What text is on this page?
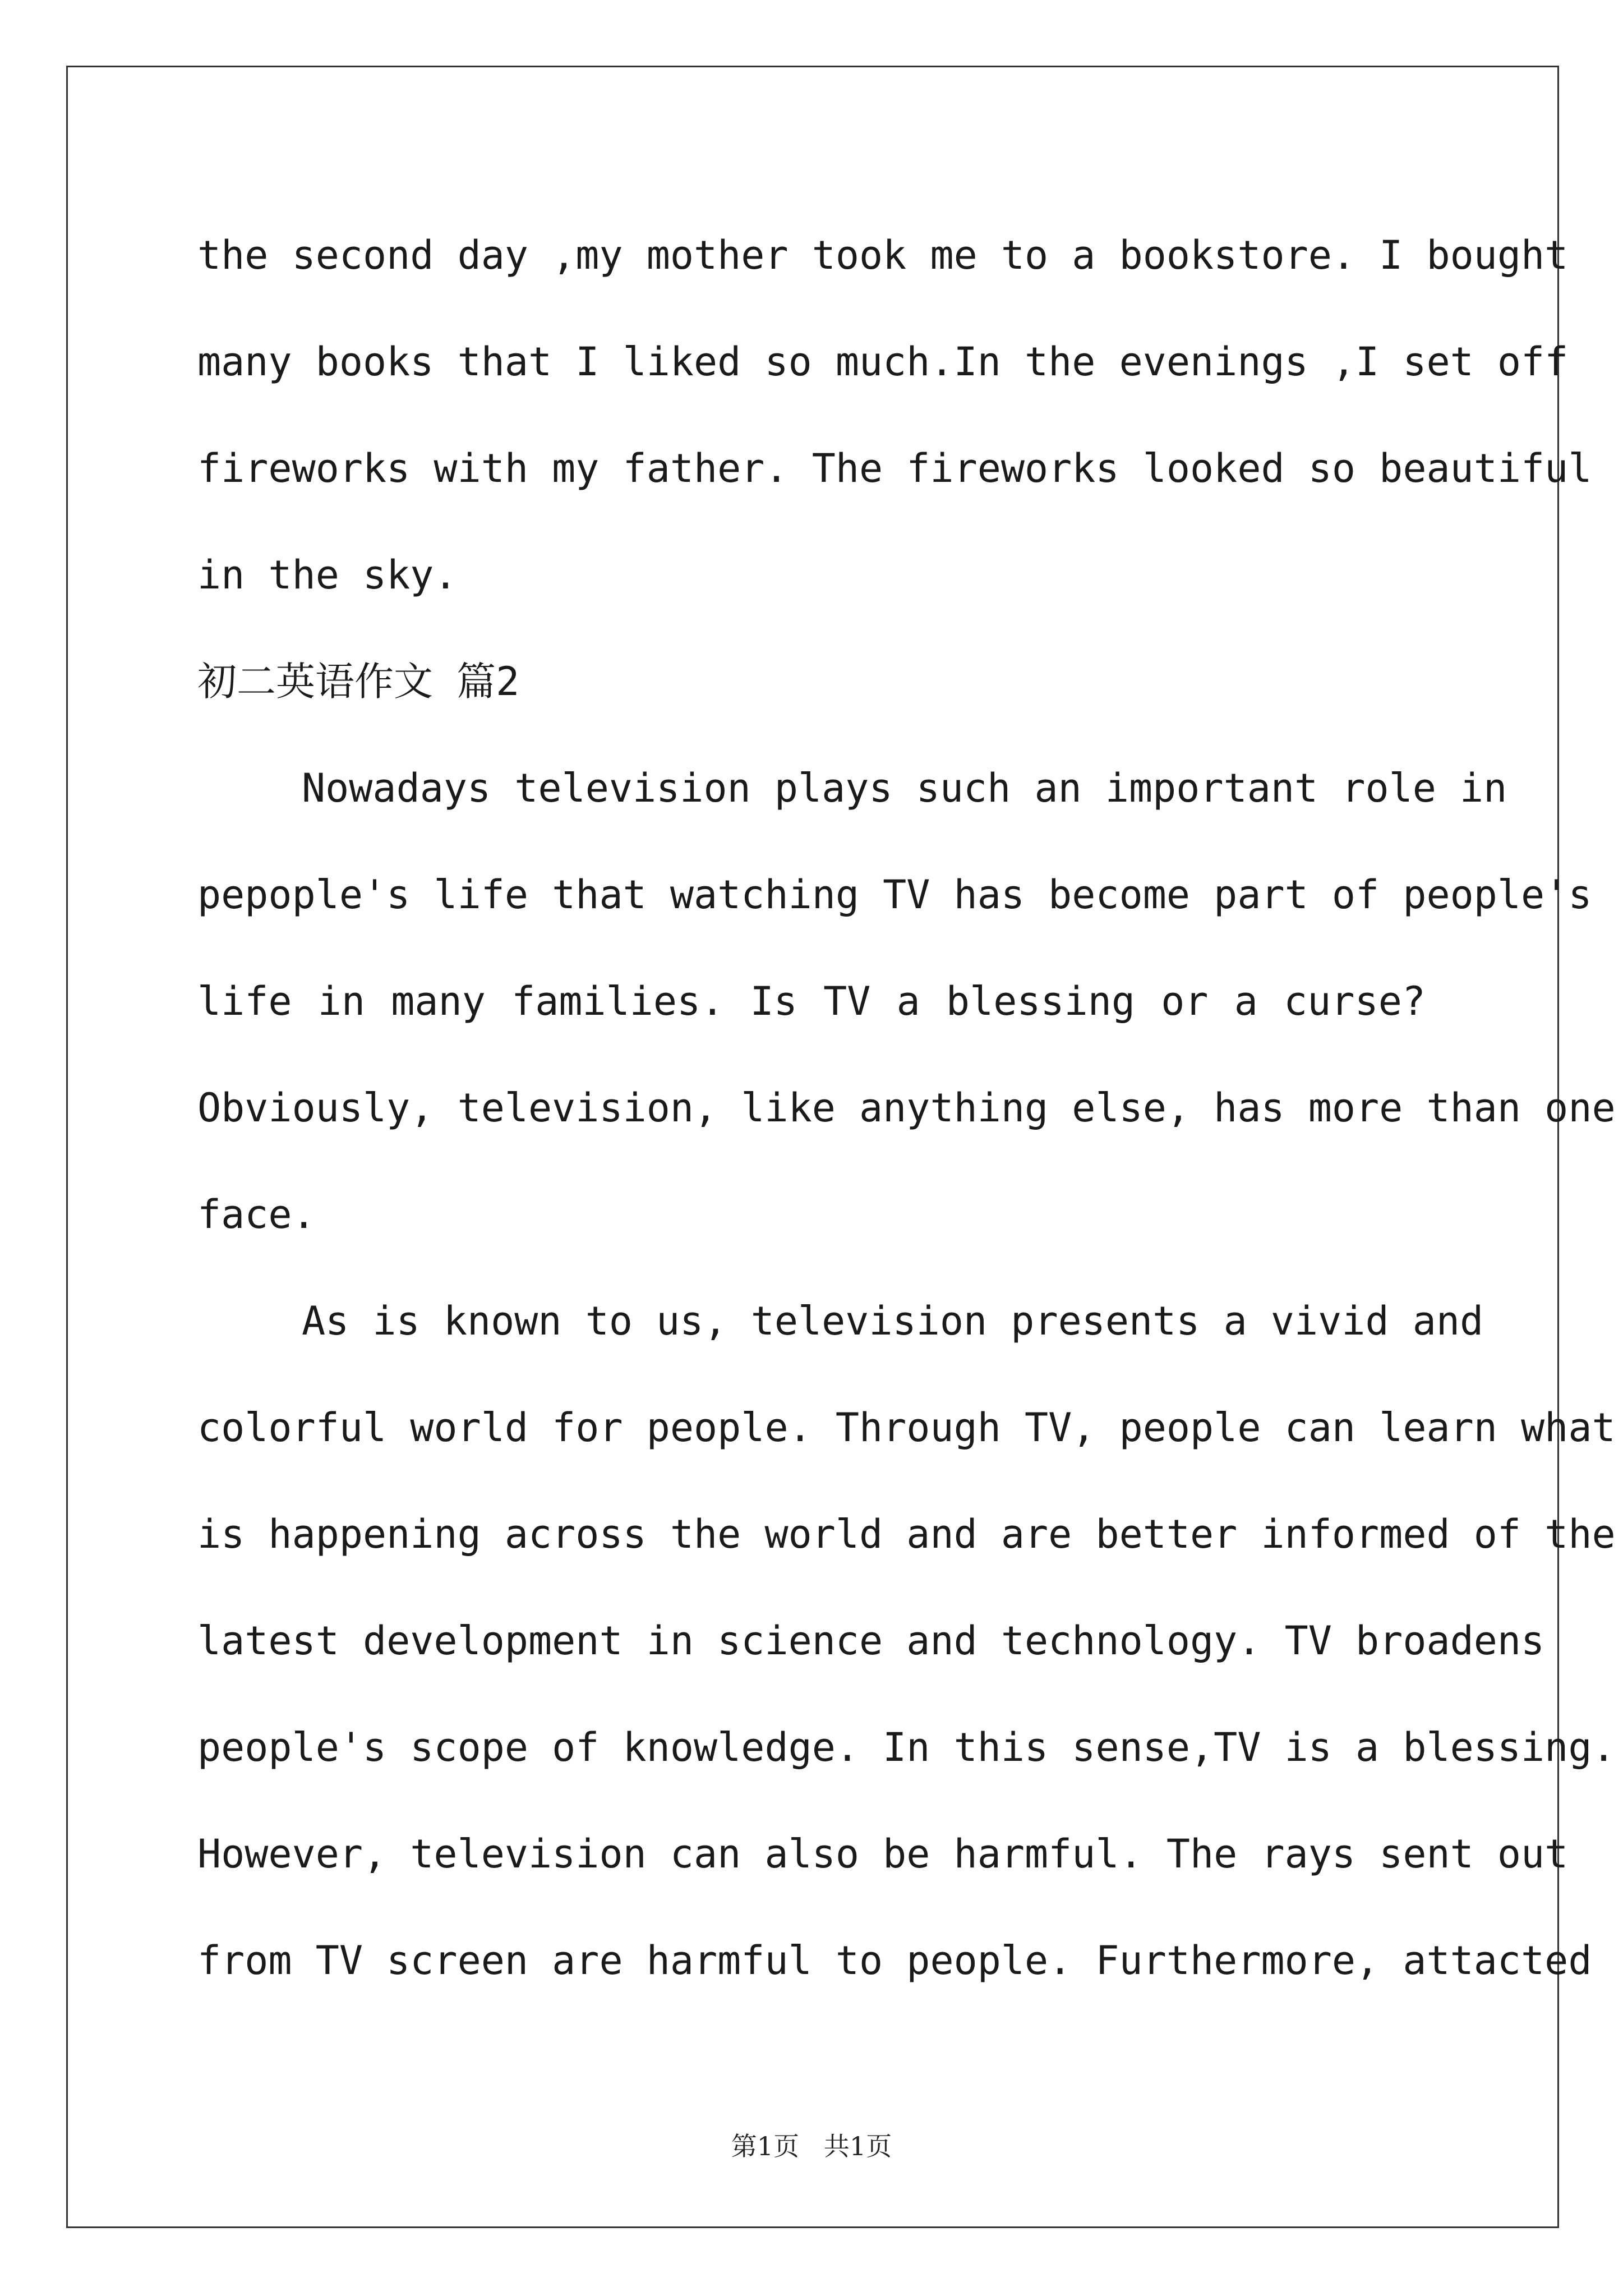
the second day ,my mother took me to a bookstore. I bought
many books that I liked so much.In the evenings ,I set off
fireworks with my father. The fireworks looked so beautiful
in the sky.
初二英语作文 篇2
Nowadays television plays such an important role in
pepople's life that watching TV has become part of people's
life in many families. Is TV a blessing or a curse?
Obviously, television, like anything else, has more than one
face.
As is known to us, television presents a vivid and
colorful world for people. Through TV, people can learn what
is happening across the world and are better informed of the
latest development in science and technology. TV broadens
people's scope of knowledge. In this sense,TV is a blessing.
However, television can also be harmful. The rays sent out
from TV screen are harmful to people. Furthermore, attacted
第1页   共1页
